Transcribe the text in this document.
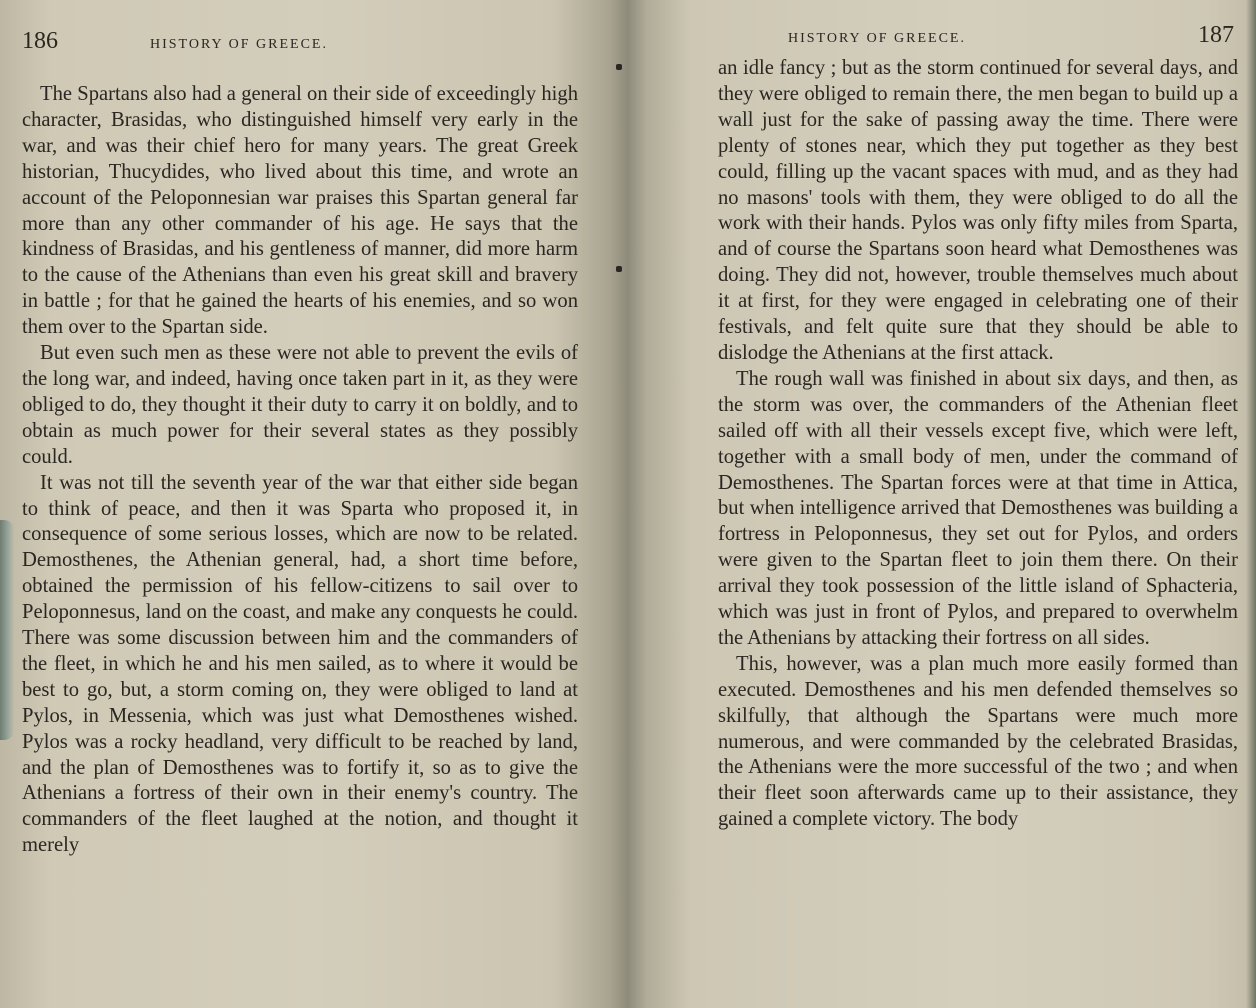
186	HISTORY OF GREECE.

The Spartans also had a general on their side of exceedingly high character, Brasidas, who distinguished himself very early in the war, and was their chief hero for many years. The great Greek historian, Thucydides, who lived about this time, and wrote an account of the Peloponnesian war praises this Spartan general far more than any other commander of his age. He says that the kindness of Brasidas, and his gentleness of manner, did more harm to the cause of the Athenians than even his great skill and bravery in battle ; for that he gained the hearts of his enemies, and so won them over to the Spartan side.

But even such men as these were not able to prevent the evils of the long war, and indeed, having once taken part in it, as they were obliged to do, they thought it their duty to carry it on boldly, and to obtain as much power for their several states as they possibly could.

It was not till the seventh year of the war that either side began to think of peace, and then it was Sparta who proposed it, in consequence of some serious losses, which are now to be related. Demosthenes, the Athenian general, had, a short time before, obtained the permission of his fellow-citizens to sail over to Peloponnesus, land on the coast, and make any conquests he could. There was some discussion between him and the commanders of the fleet, in which he and his men sailed, as to where it would be best to go, but, a storm coming on, they were obliged to land at Pylos, in Messenia, which was just what Demosthenes wished. Pylos was a rocky headland, very difficult to be reached by land, and the plan of Demosthenes was to fortify it, so as to give the Athenians a fortress of their own in their enemy's country. The commanders of the fleet laughed at the notion, and thought it merely

HISTORY OF GREECE.	187

an idle fancy ; but as the storm continued for several days, and they were obliged to remain there, the men began to build up a wall just for the sake of passing away the time. There were plenty of stones near, which they put together as they best could, filling up the vacant spaces with mud, and as they had no masons' tools with them, they were obliged to do all the work with their hands. Pylos was only fifty miles from Sparta, and of course the Spartans soon heard what Demosthenes was doing. They did not, however, trouble themselves much about it at first, for they were engaged in celebrating one of their festivals, and felt quite sure that they should be able to dislodge the Athenians at the first attack.

The rough wall was finished in about six days, and then, as the storm was over, the commanders of the Athenian fleet sailed off with all their vessels except five, which were left, together with a small body of men, under the command of Demosthenes. The Spartan forces were at that time in Attica, but when intelligence arrived that Demosthenes was building a fortress in Peloponnesus, they set out for Pylos, and orders were given to the Spartan fleet to join them there. On their arrival they took possession of the little island of Sphacteria, which was just in front of Pylos, and prepared to overwhelm the Athenians by attacking their fortress on all sides.

This, however, was a plan much more easily formed than executed. Demosthenes and his men defended themselves so skilfully, that although the Spartans were much more numerous, and were commanded by the celebrated Brasidas, the Athenians were the more successful of the two ; and when their fleet soon afterwards came up to their assistance, they gained a complete victory. The body
